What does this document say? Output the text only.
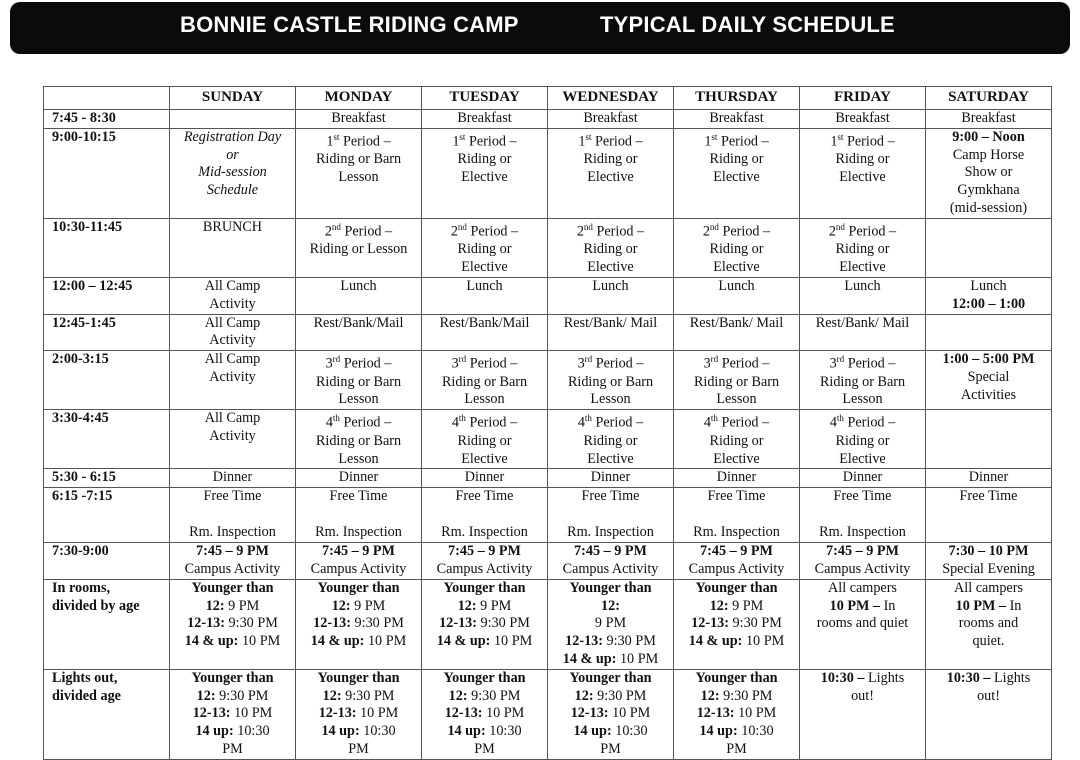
BONNIE CASTLE RIDING CAMP	TYPICAL DAILY SCHEDULE
	SUNDAY	MONDAY	TUESDAY	WEDNESDAY	THURSDAY	FRIDAY	SATURDAY
7:45 - 8:30		Breakfast	Breakfast	Breakfast	Breakfast	Breakfast	Breakfast
9:00-10:15	Registration Day
or
Mid-session
Schedule	1st Period –
Riding or Barn
Lesson	1st Period –
Riding or
Elective	1st Period –
Riding or
Elective	1st Period –
Riding or
Elective	1st Period –
Riding or
Elective	9:00 – Noon
Camp Horse
Show or
Gymkhana
(mid-session)
10:30-11:45	BRUNCH	2nd Period –
Riding or Lesson	2nd Period –
Riding or
Elective	2nd Period –
Riding or
Elective	2nd Period –
Riding or
Elective	2nd Period –
Riding or
Elective	
12:00 – 12:45	All Camp
Activity	Lunch	Lunch	Lunch	Lunch	Lunch	Lunch
12:00 – 1:00
12:45-1:45	All Camp
Activity	Rest/Bank/Mail	Rest/Bank/Mail	Rest/Bank/ Mail	Rest/Bank/ Mail	Rest/Bank/ Mail	
2:00-3:15	All Camp
Activity	3rd Period –
Riding or Barn
Lesson	3rd Period –
Riding or Barn
Lesson	3rd Period –
Riding or Barn
Lesson	3rd Period –
Riding or Barn
Lesson	3rd Period –
Riding or Barn
Lesson	1:00 – 5:00 PM
Special
Activities
3:30-4:45	All Camp
Activity	4th Period –
Riding or Barn
Lesson	4th Period –
Riding or
Elective	4th Period –
Riding or
Elective	4th Period –
Riding or
Elective	4th Period –
Riding or
Elective	
5:30 - 6:15	Dinner	Dinner	Dinner	Dinner	Dinner	Dinner	Dinner
6:15 -7:15	Free Time

Rm. Inspection	Free Time

Rm. Inspection	Free Time

Rm. Inspection	Free Time

Rm. Inspection	Free Time

Rm. Inspection	Free Time

Rm. Inspection	Free Time
7:30-9:00	7:45 – 9 PM
Campus Activity	7:45 – 9 PM
Campus Activity	7:45 – 9 PM
Campus Activity	7:45 – 9 PM
Campus Activity	7:45 – 9 PM
Campus Activity	7:45 – 9 PM
Campus Activity	7:30 – 10 PM
Special Evening
In rooms,
divided by age	Younger than
12: 9 PM
12-13: 9:30 PM
14 & up: 10 PM	Younger than
12: 9 PM
12-13: 9:30 PM
14 & up: 10 PM	Younger than
12: 9 PM
12-13: 9:30 PM
14 & up: 10 PM	Younger than
12:
9 PM
12-13: 9:30 PM
14 & up: 10 PM	Younger than
12: 9 PM
12-13: 9:30 PM
14 & up: 10 PM	All campers
10 PM – In
rooms and quiet	All campers
10 PM – In
rooms and
quiet.
Lights out,
divided age	Younger than
12: 9:30 PM
12-13: 10 PM
14 up: 10:30
PM	Younger than
12: 9:30 PM
12-13: 10 PM
14 up: 10:30
PM	Younger than
12: 9:30 PM
12-13: 10 PM
14 up: 10:30
PM	Younger than
12: 9:30 PM
12-13: 10 PM
14 up: 10:30
PM	Younger than
12: 9:30 PM
12-13: 10 PM
14 up: 10:30
PM	10:30 – Lights
out!	10:30 – Lights
out!
